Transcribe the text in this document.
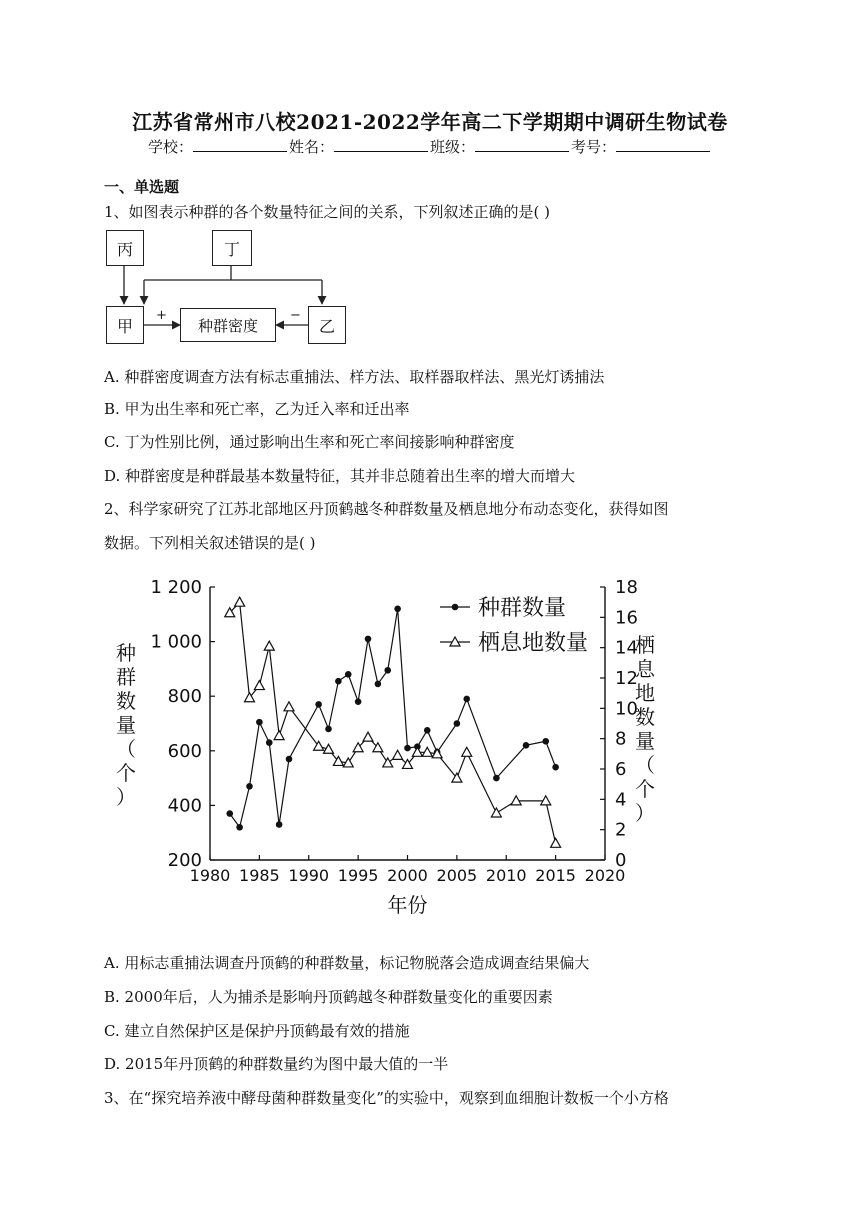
江苏省常州市八校2021-2022学年高二下学期期中调研生物试卷
学校：	姓名：	班级：	考号：
一、单选题
1、如图表示种群的各个数量特征之间的关系，下列叙述正确的是( )
丙	丁
甲	种群密度	乙
+	−
A. 种群密度调查方法有标志重捕法、样方法、取样器取样法、黑光灯诱捕法
B. 甲为出生率和死亡率，乙为迁入率和迁出率
C. 丁为性别比例，通过影响出生率和死亡率间接影响种群密度
D. 种群密度是种群最基本数量特征，其并非总随着出生率的增大而增大
2、科学家研究了江苏北部地区丹顶鹤越冬种群数量及栖息地分布动态变化，获得如图
数据。下列相关叙述错误的是( )
1980 1985 1990 1995 2000 2005 2010 2015 2020
200
400
600
800
1 000
1 200
0
2
4
6
8
10
12
14
16
18
年份
种群数量（个）
栖息地数量（个）
种群数量
栖息地数量
A. 用标志重捕法调查丹顶鹤的种群数量，标记物脱落会造成调查结果偏大
B. 2000年后，人为捕杀是影响丹顶鹤越冬种群数量变化的重要因素
C. 建立自然保护区是保护丹顶鹤最有效的措施
D. 2015年丹顶鹤的种群数量约为图中最大值的一半
3、在“探究培养液中酵母菌种群数量变化”的实验中，观察到血细胞计数板一个小方格
